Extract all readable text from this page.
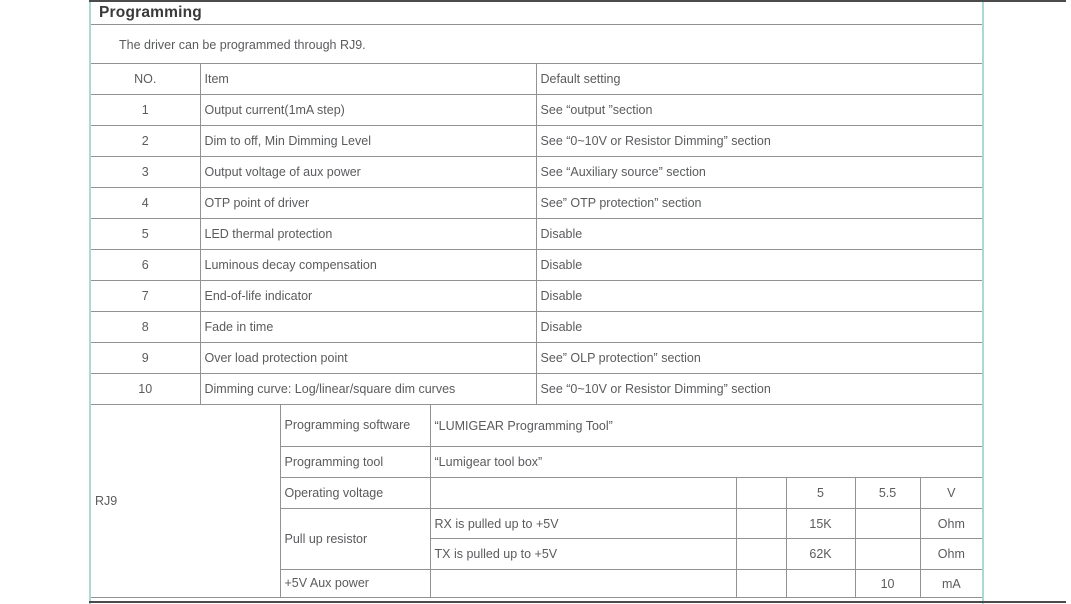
Programming
The driver can be programmed through RJ9.
NO.	Item			Default setting				
1	Output current(1mA step)			See “output ”section				
2	Dim to off, Min Dimming Level			See “0~10V or Resistor Dimming” section				
3	Output voltage of aux power			See “Auxiliary source” section				
4	OTP point of driver			See” OTP protection” section				
5	LED thermal protection			Disable				
6	Luminous decay compensation			Disable				
7	End-of-life indicator			Disable				
8	Fade in time			Disable				
9	Over load protection point			See” OLP protection” section				
10	Dimming curve: Log/linear/square dim curves			See “0~10V or Resistor Dimming” section				
RJ9		Programming software	“LUMIGEAR Programming Tool”					
		Programming tool	“Lumigear tool box”					
		Operating voltage				5	5.5	V
		Pull up resistor	RX is pulled up to +5V			15K		Ohm
			TX is pulled up to +5V			62K		Ohm
		+5V Aux power					10	mA
